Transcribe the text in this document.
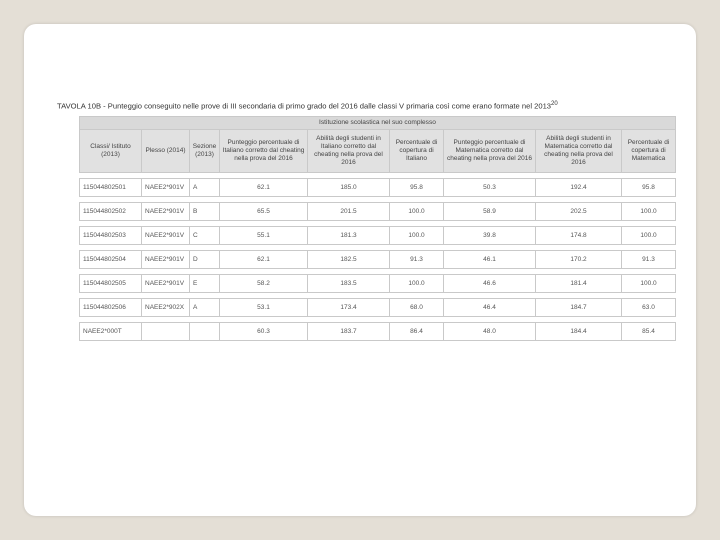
TAVOLA 10B - Punteggio conseguito nelle prove di III secondaria di primo grado del 2016 dalle classi V primaria così come erano formate nel 2013$^{20}$
Istituzione scolastica nel suo complesso								
Classi/ Istituto (2013)	Plesso (2014)	Sezione (2013)	Punteggio percentuale di Italiano corretto dal cheating nella prova del 2016	Abilità degli studenti in Italiano corretto dal cheating nella prova del 2016	Percentuale di copertura di Italiano	Punteggio percentuale di Matematica corretto dal cheating nella prova del 2016	Abilità degli studenti in Matematica corretto dal cheating nella prova del 2016	Percentuale di copertura di Matematica

115044802501	NAEE2*901V	A	62.1	185.0	95.8	50.3	192.4	95.8

115044802502	NAEE2*901V	B	65.5	201.5	100.0	58.9	202.5	100.0

115044802503	NAEE2*901V	C	55.1	181.3	100.0	39.8	174.8	100.0

115044802504	NAEE2*901V	D	62.1	182.5	91.3	46.1	170.2	91.3

115044802505	NAEE2*901V	E	58.2	183.5	100.0	46.6	181.4	100.0

115044802506	NAEE2*902X	A	53.1	173.4	68.0	46.4	184.7	63.0

NAEE2*000T			60.3	183.7	86.4	48.0	184.4	85.4
